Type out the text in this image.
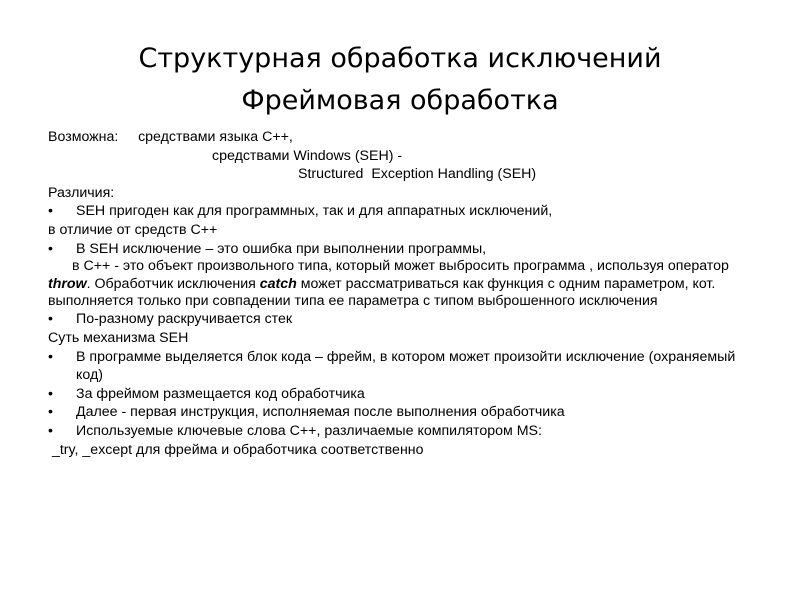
Структурная обработка исключений
Фреймовая обработка
Возможна: средствами языка С++,
средствами Windows (SEH) -
Structured  Exception Handling (SEH)
Различия:
• SEH пригоден как для программных, так и для аппаратных исключений,
в отличие от средств С++
• В SEH исключение – это ошибка при выполнении программы,
в С++ - это объект произвольного типа, который может выбросить программа , используя оператор throw. Обработчик исключения catch может рассматриваться как функция с одним параметром, кот. выполняется только при совпадении типа ее параметра с типом выброшенного исключения
• По-разному раскручивается стек
Суть механизма SEH
• В программе выделяется блок кода – фрейм, в котором может произойти исключение (охраняемый код)
• За фреймом размещается код обработчика
• Далее - первая инструкция, исполняемая после выполнения обработчика
• Используемые ключевые слова С++, различаемые компилятором MS:
_try, _except для фрейма и обработчика соответственно
